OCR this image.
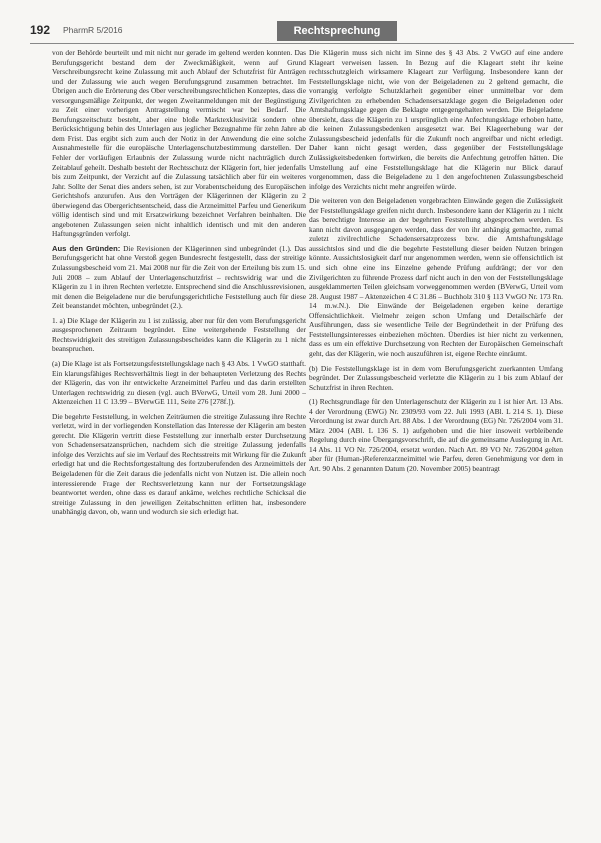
192 PharmR 5/2016	Rechtsprechung

von der Behörde beurteilt und mit nicht nur gerade im geltend werden konnten. Das Berufungsgericht bestand dem der Zweckmäßigkeit, wenn auf Grund Verschreibungsrecht keine Zulassung mit auch Ablauf der Schutzfrist für Anträgen und der Zulassung wie auch wegen Berufungsgrund zusammen betrachtet. Im Übrigen auch die Erörterung des Ober verschreibungsrechtlichen Konzeptes, dass die versorgungsmäßige Zeitpunkt, der wegen Zweitanmeldungen mit der Begünstigung zu Zeit einer vorherigen Antragstellung vermischt war bei Bedarf. Die Berufungszeitschutz besteht, aber eine bloße Marktexklusivität sondern ohne Berücksichtigung behin des Unterlagen aus jeglicher Bezugnahme für zehn Jahre ab dem Frist. Das ergibt sich zum auch der Notiz in der Anwendung die eine solche Ausnahmestelle für die europäische Unterlagenschutzbestimmung darstellen. Der Fehler der vorläufigen Erlaubnis der Zulassung wurde nicht nachträglich durch Zeitablauf geheilt. Deshalb besteht der Rechtsschutz der Klägerin fort, hier jedenfalls bis zum Zeitpunkt, der Verzicht auf die Zulassung tatsächlich aber für ein weiteres Jahr. Sollte der Senat dies anders sehen, ist zur Vorabentscheidung des Europäischen Gerichtshofs anzurufen. Aus den Vorträgen der Klägerinnen der Klägerin zu 2 überwiegend das Obergerichtsentscheid, dass die Arzneimittel Parfeu und Generikum völlig identisch sind und mit Ersatzwirkung bezeichnet Verfahren beinhalten. Die angebotenen Zulassungen seien nicht inhaltlich identisch und mit den anderen Haftungsgründen verfolgt.

Aus den Gründen: Die Revisionen der Klägerinnen sind unbegründet (1.). Das Berufungsgericht hat ohne Verstoß gegen Bundesrecht festgestellt, dass der streitige Zulassungsbescheid vom 21. Mai 2008 nur für die Zeit von der Erteilung bis zum 15. Juli 2008 – zum Ablauf der Unterlagenschutzfrist – rechtswidrig war und die Klägerin zu 1 in ihren Rechten verletzte. Entsprechend sind die Anschlussrevisionen, mit denen die Beigeladene nur die berufungsgerichtliche Feststellung auch für diese Zeit beanstandet möchten, unbegründet (2.).

1. a) Die Klage der Klägerin zu 1 ist zulässig, aber nur für den vom Berufungsgericht ausgesprochenen Zeitraum begründet. Eine weitergehende Feststellung der Rechtswidrigkeit des streitigen Zulassungsbescheides kann die Klägerin zu 1 nicht beanspruchen.

(a) Die Klage ist als Fortsetzungsfeststellungsklage nach § 43 Abs. 1 VwGO statthaft. Ein klarungsfähiges Rechtsverhältnis liegt in der behaupteten Verletzung des Rechts der Klägerin, das von ihr entwickelte Arzneimittel Parfeu und das darin erstellten Unterlagen rechtswidrig zu diesen (vgl. auch BVerwG, Urteil vom 28. Juni 2000 – Aktenzeichen 11 C 13.99 – BVerwGE 111, Seite 276 [278f.]).

Die begehrte Feststellung, in welchen Zeiträumen die streitige Zulassung ihre Rechte verletzt, wird in der vorliegenden Konstellation das Interesse der Klägerin am besten gerecht. Die Klägerin vertritt diese Feststellung zur innerhalb erster Durchsetzung von Schadensersatzansprüchen, nachdem sich die streitige Zulassung jedenfalls infolge des Verzichts auf sie im Verlauf des Rechtsstreits mit Wirkung für die Zukunft erledigt hat und die Rechtsfortgestaltung des fortzuberufenden des Arzneimittels der Beigeladenen für die Zeit daraus die jedenfalls nicht von Nutzen ist. Die allein noch interessierende Frage der Rechtsverletzung kann nur der Fortsetzungsklage beantwortet werden, ohne dass es darauf ankäme, welches rechtliche Schicksal die streitige Zulassung in den jeweiligen Zeitabschnitten erlitten hat, insbesondere unabhängig davon, ob, wann und wodurch sie sich erledigt hat.

Die Klägerin muss sich nicht im Sinne des § 43 Abs. 2 VwGO auf eine andere Klageart verweisen lassen. In Bezug auf die Klageart steht ihr keine rechtsschutzgleich wirksamere Klageart zur Verfügung. Insbesondere kann der Feststellungsklage nicht, wie von der Beigeladenen zu 2 geltend gemacht, die vorrangig verfolgte Schutzklarheit gegenüber einer unmittelbar vor dem Zivilgerichten zu erhebenden Schadensersatzklage gegen die Beigeladenen oder Amtshaftungsklage gegen die Beklagte entgegengehalten werden. Die Beigeladene übersieht, dass die Klägerin zu 1 ursprünglich eine Anfechtungsklage erhoben hatte, die keinen Zulassungsbedenken ausgesetzt war. Bei Klageerhebung war der Zulassungsbescheid jedenfalls für die Zukunft noch angreifbar und nicht erledigt. Daher kann nicht gesagt werden, dass gegenüber der Feststellungsklage Zulässigkeitsbedenken fortwirken, die bereits die Anfechtung getroffen hätten. Die Umstellung auf eine Feststellungsklage hat die Klägerin nur Blick darauf vorgenommen, dass die Beigeladene zu 1 den angefochtenen Zulassungsbescheid infolge des Verzichts nicht mehr angreifen würde.

Die weiteren von den Beigeladenen vorgebrachten Einwände gegen die Zulässigkeit der Feststellungsklage greifen nicht durch. Insbesondere kann der Klägerin zu 1 nicht das berechtigte Interesse an der begehrten Feststellung abgesprochen werden. Es kann nicht davon ausgegangen werden, dass der von ihr anhängig gemachte, zumal zuletzt zivilrechtliche Schadensersatzprozess bzw. die Amtshaftungsklage aussichtslos sind und die die begehrte Feststellung dieser beiden Nutzen bringen könnte. Aussichtslosigkeit darf nur angenommen werden, wenn sie offensichtlich ist und sich ohne eine ins Einzelne gehende Prüfung aufdrängt; der vor den Zivilgerichten zu führende Prozess darf nicht auch in den von der Feststellungsklage ausgeklammerten Teilen gleichsam vorweggenommen werden (BVerwG, Urteil vom 28. August 1987 – Aktenzeichen 4 C 31.86 – Buchholz 310 § 113 VwGO Nr. 173 Rn. 14 m.w.N.). Die Einwände der Beigeladenen ergeben keine derartige Offensichtlichkeit. Vielmehr zeigen schon Umfang und Detailschärfe der Ausführungen, dass sie wesentliche Teile der Begründetheit in der Prüfung des Feststellungsinteresses einbeziehen möchten. Überdies ist hier nicht zu verkennen, dass es um ein effektive Durchsetzung von Rechten der Europäischen Gemeinschaft geht, das der Klägerin, wie noch auszuführen ist, eigene Rechte einräumt.

(b) Die Feststellungsklage ist in dem vom Berufungsgericht zuerkannten Umfang begründet. Der Zulassungsbescheid verletzte die Klägerin zu 1 bis zum Ablauf der Schutzfrist in ihren Rechten.

(1) Rechtsgrundlage für den Unterlagenschutz der Klägerin zu 1 ist hier Art. 13 Abs. 4 der Verordnung (EWG) Nr. 2309/93 vom 22. Juli 1993 (ABl. L 214 S. 1). Diese Verordnung ist zwar durch Art. 88 Abs. 1 der Verordnung (EG) Nr. 726/2004 vom 31. März 2004 (ABl. L 136 S. 1) aufgehoben und die hier insoweit verbleibende Regelung durch eine Übergangsvorschrift, die auf die gemeinsame Auslegung in Art. 14 Abs. 11 VO Nr. 726/2004, ersetzt worden. Nach Art. 89 VO Nr. 726/2004 gelten aber für (Human-)Referenzarzneimittel wie Parfeu, deren Genehmigung vor dem in Art. 90 Abs. 2 genannten Datum (20. November 2005) beantragt
